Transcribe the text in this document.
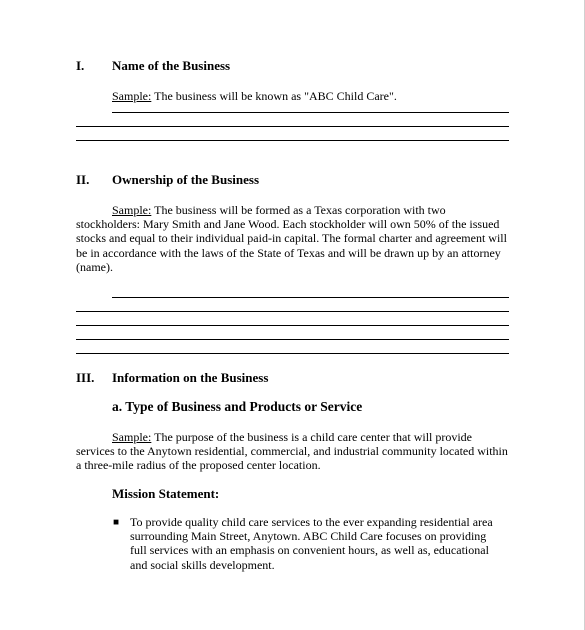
I. Name of the Business
Sample: The business will be known as "ABC Child Care".
II. Ownership of the Business
Sample: The business will be formed as a Texas corporation with two stockholders: Mary Smith and Jane Wood. Each stockholder will own 50% of the issued stocks and equal to their individual paid-in capital. The formal charter and agreement will be in accordance with the laws of the State of Texas and will be drawn up by an attorney (name).
III. Information on the Business
a. Type of Business and Products or Service
Sample: The purpose of the business is a child care center that will provide services to the Anytown residential, commercial, and industrial community located within a three-mile radius of the proposed center location.
Mission Statement:
■ To provide quality child care services to the ever expanding residential area surrounding Main Street, Anytown. ABC Child Care focuses on providing full services with an emphasis on convenient hours, as well as, educational and social skills development.
